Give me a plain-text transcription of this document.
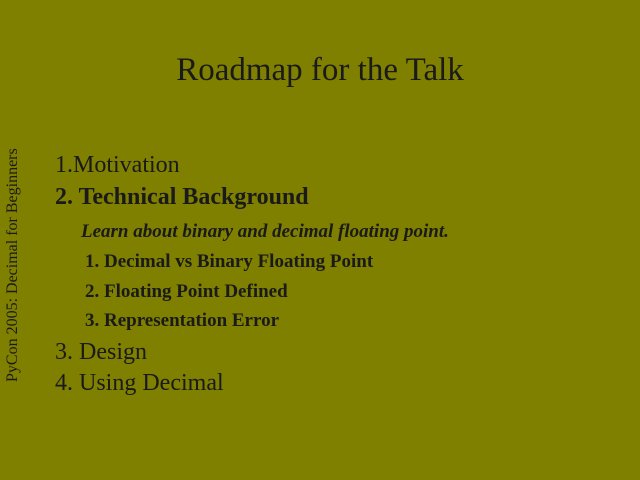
PyCon 2005: Decimal for Beginners
Roadmap for the Talk
1.Motivation
2. Technical Background
Learn about binary and decimal floating point.
1. Decimal vs Binary Floating Point
2. Floating Point Defined
3. Representation Error
3. Design
4. Using Decimal
